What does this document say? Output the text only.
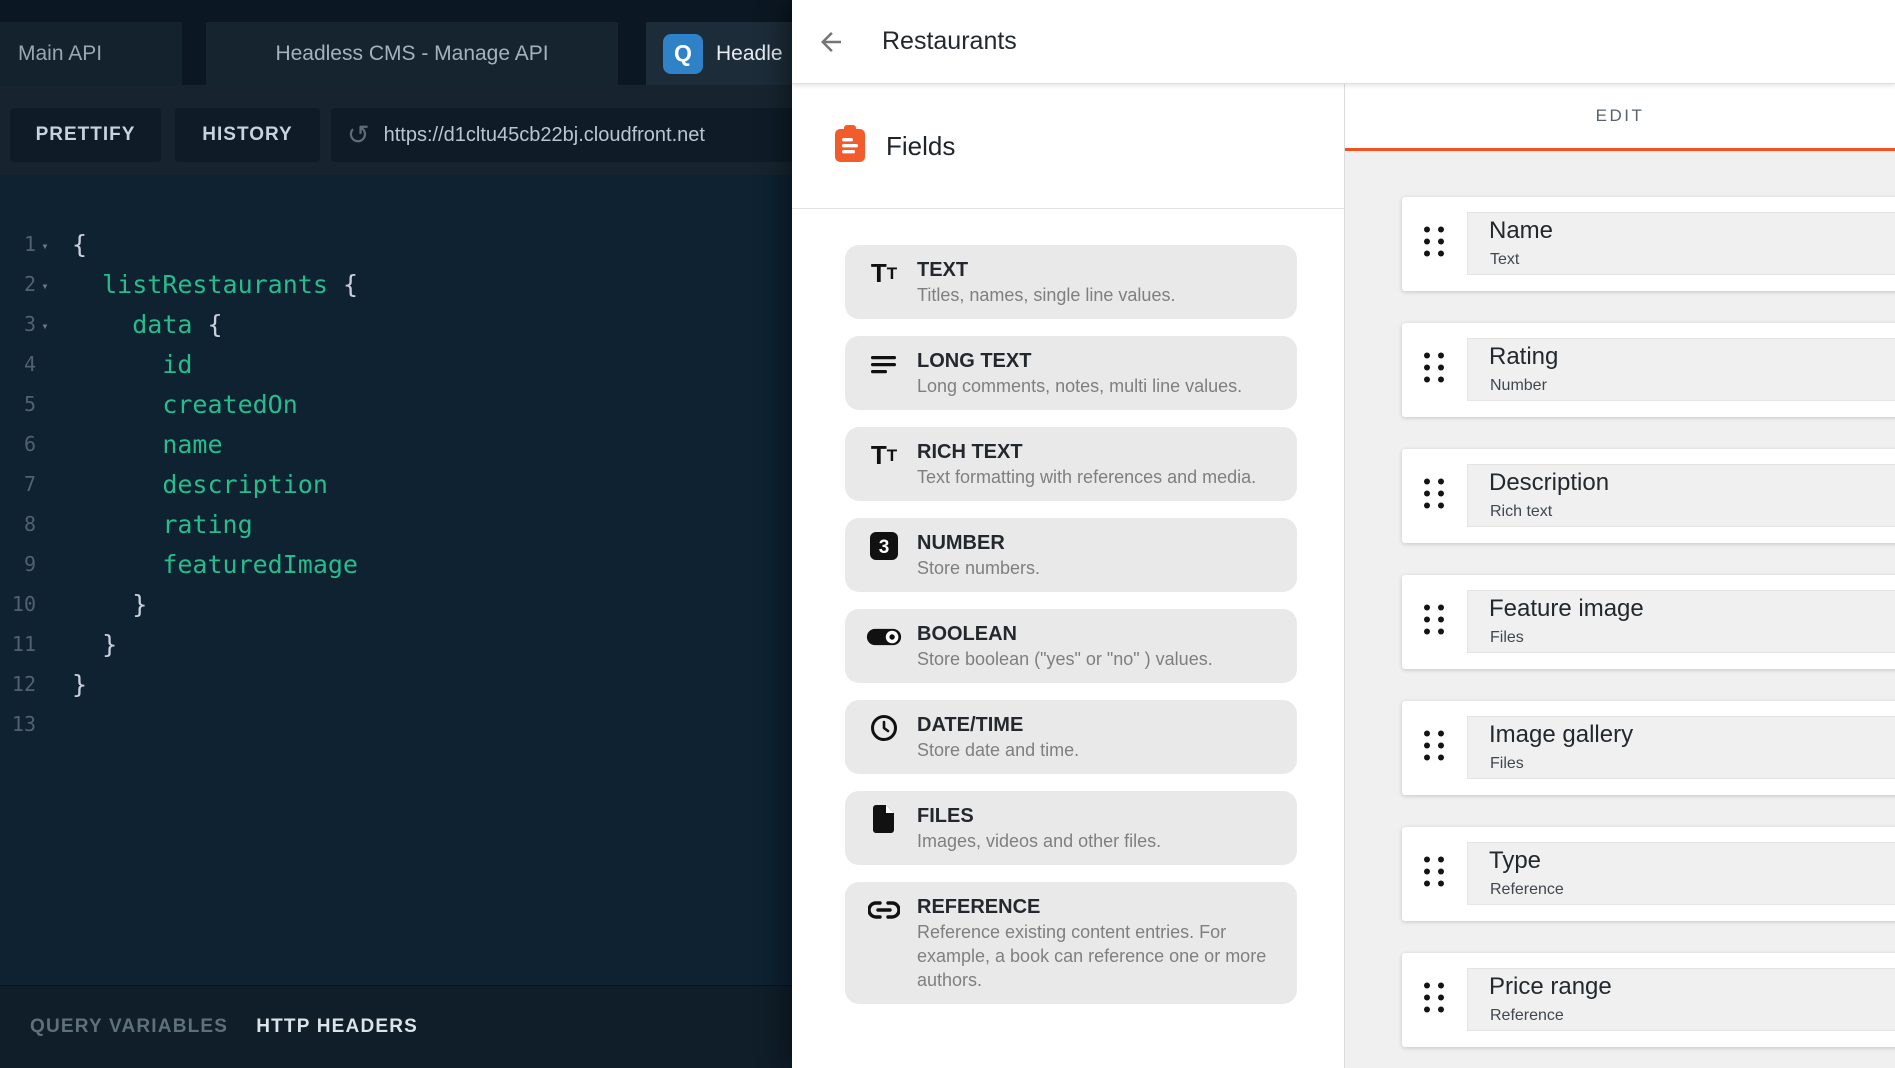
Main API	Headless CMS - Manage API	Q	Headle
PRETTIFY	HISTORY	↺ https://d1cltu45cb22bj.cloudfront.net
1 ▾ {
2 ▾	listRestaurants {
3 ▾	data {
4	id
5	createdOn
6	name
7	description
8	rating
9	featuredImage
10 }
11 }
12 }
13
QUERY VARIABLES HTTP HEADERS
Restaurants
Fields
T T TEXT
Titles, names, single line values.
LONG TEXT
Long comments, notes, multi line values.
T T RICH TEXT
Text formatting with references and media.
3 NUMBER
Store numbers.
BOOLEAN
Store boolean ("yes" or "no" ) values.
DATE/TIME
Store date and time.
FILES
Images, videos and other files.
REFERENCE
Reference existing content entries. For example, a book can reference one or more authors.
EDIT
Name
Text
Rating
Number
Description
Rich text
Feature image
Files
Image gallery
Files
Type
Reference
Price range
Reference
